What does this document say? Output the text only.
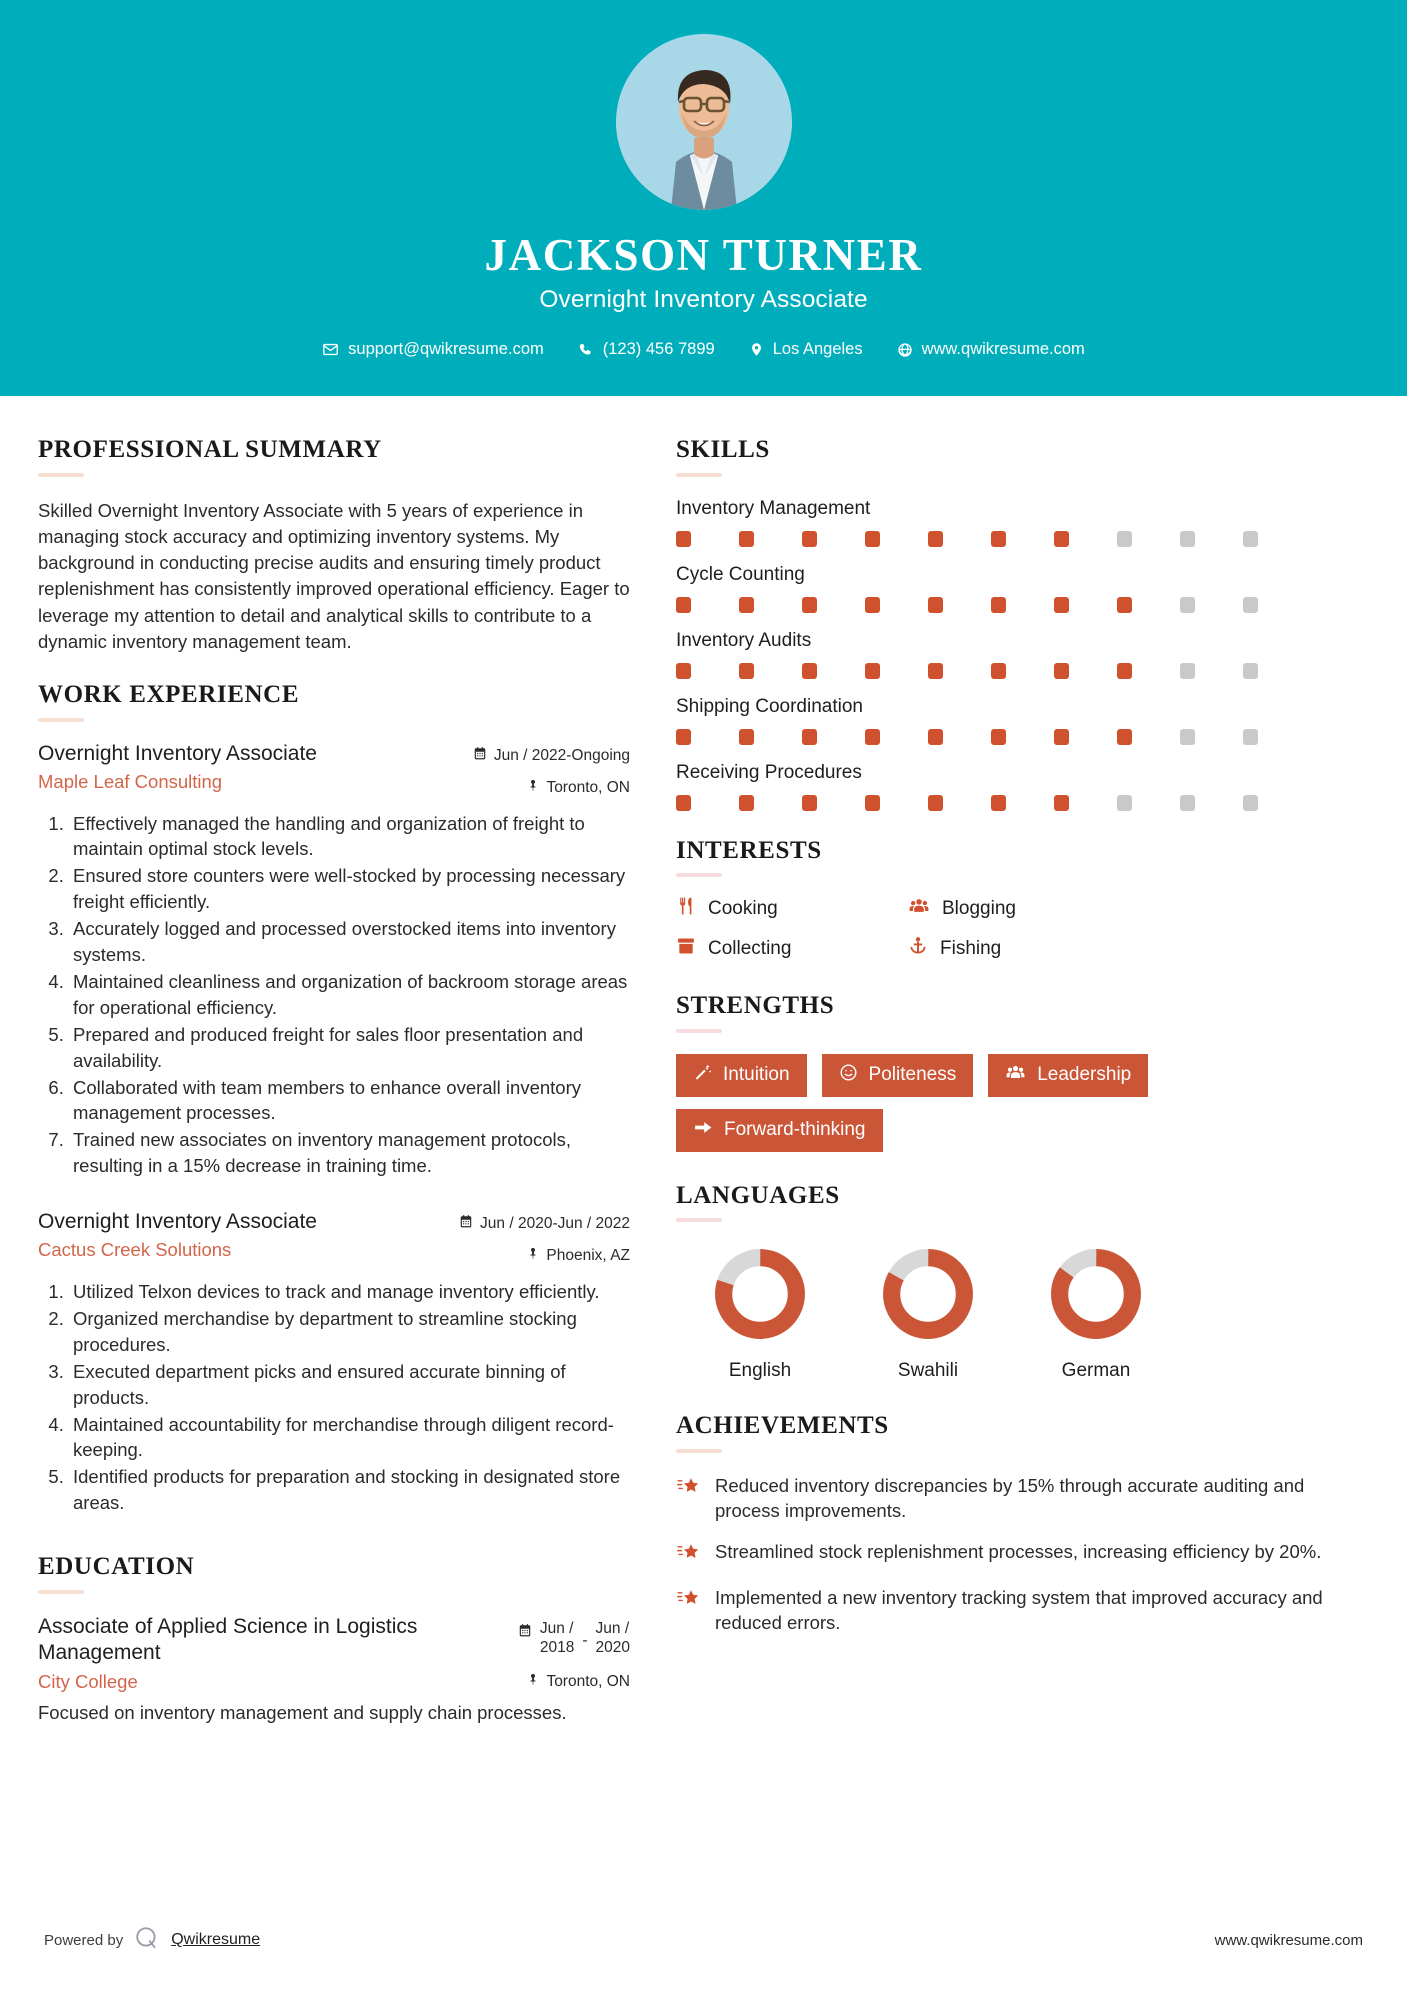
JACKSON TURNER
Overnight Inventory Associate
support@qwikresume.com	(123) 456 7899	Los Angeles	www.qwikresume.com
PROFESSIONAL SUMMARY
Skilled Overnight Inventory Associate with 5 years of experience in managing stock accuracy and optimizing inventory systems. My background in conducting precise audits and ensuring timely product replenishment has consistently improved operational efficiency. Eager to leverage my attention to detail and analytical skills to contribute to a dynamic inventory management team.
WORK EXPERIENCE
Overnight Inventory Associate
Maple Leaf Consulting
Jun / 2022-Ongoing
Toronto, ON
1. Effectively managed the handling and organization of freight to maintain optimal stock levels.
2. Ensured store counters were well-stocked by processing necessary freight efficiently.
3. Accurately logged and processed overstocked items into inventory systems.
4. Maintained cleanliness and organization of backroom storage areas for operational efficiency.
5. Prepared and produced freight for sales floor presentation and availability.
6. Collaborated with team members to enhance overall inventory management processes.
7. Trained new associates on inventory management protocols, resulting in a 15% decrease in training time.
Overnight Inventory Associate
Cactus Creek Solutions
Jun / 2020-Jun / 2022
Phoenix, AZ
1. Utilized Telxon devices to track and manage inventory efficiently.
2. Organized merchandise by department to streamline stocking procedures.
3. Executed department picks and ensured accurate binning of products.
4. Maintained accountability for merchandise through diligent record-keeping.
5. Identified products for preparation and stocking in designated store areas.
EDUCATION
Associate of Applied Science in Logistics Management
City College
Jun /
2018 -
Jun /
2020
Toronto, ON
Focused on inventory management and supply chain processes.
SKILLS
Inventory Management
Cycle Counting
Inventory Audits
Shipping Coordination
Receiving Procedures
INTERESTS
Cooking	Blogging
Collecting	Fishing
STRENGTHS
Intuition	Politeness	Leadership
Forward-thinking
LANGUAGES
English	Swahili	German
ACHIEVEMENTS
Reduced inventory discrepancies by 15% through accurate auditing and process improvements.
Streamlined stock replenishment processes, increasing efficiency by 20%.
Implemented a new inventory tracking system that improved accuracy and reduced errors.
Powered by	Qwikresume	www.qwikresume.com
